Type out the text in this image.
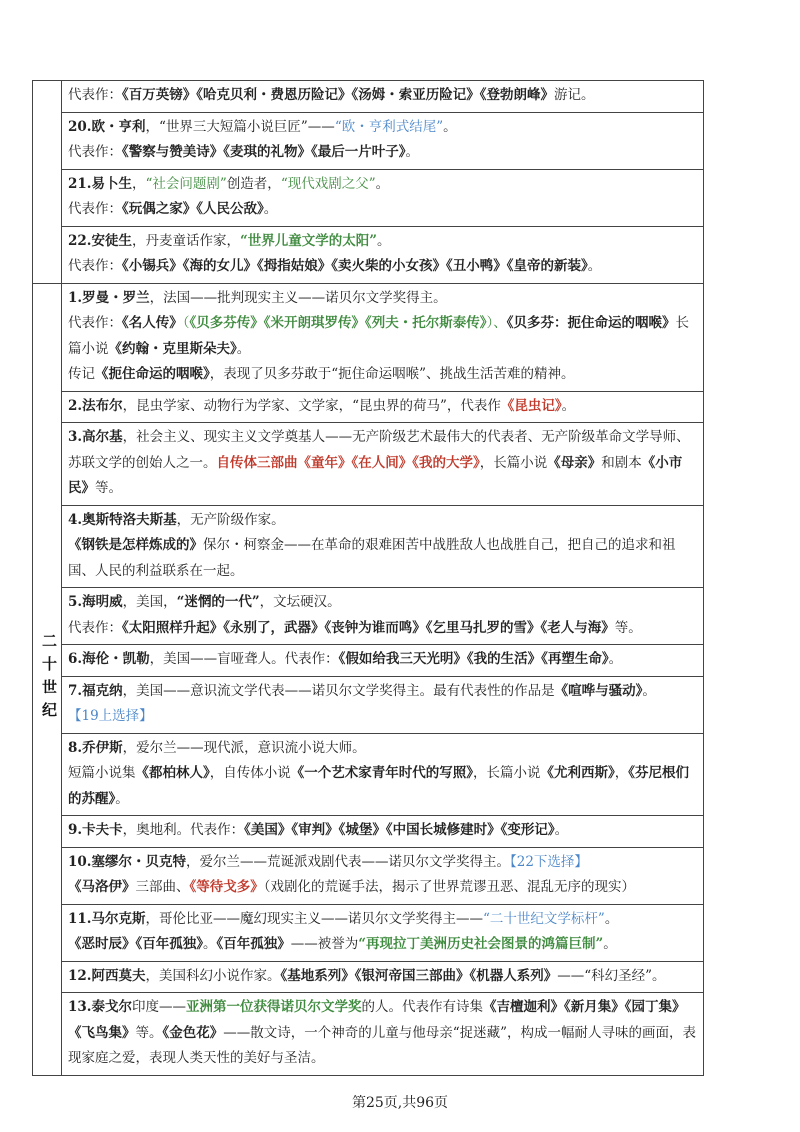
	代表作：《百万英镑》《哈克贝利・费恩历险记》《汤姆・索亚历险记》《登勃朗峰》游记。

	20.欧・亨利，“世界三大短篇小说巨匠”——“欧・亨利式结尾”。

代表作：《警察与赞美诗》《麦琪的礼物》《最后一片叶子》。

	21.易卜生，“社会问题剧”创造者，“现代戏剧之父”。

代表作：《玩偶之家》《人民公敌》。

	22.安徒生，丹麦童话作家，“世界儿童文学的太阳”。

代表作：《小锡兵》《海的女儿》《拇指姑娘》《卖火柴的小女孩》《丑小鸭》《皇帝的新装》。

二十世纪	1.罗曼・罗兰，法国——批判现实主义——诺贝尔文学奖得主。

代表作：《名人传》（《贝多芬传》《米开朗琪罗传》《列夫・托尔斯泰传》）、《贝多芬：扼住命运的咽喉》长篇小说《约翰・克里斯朵夫》。

传记《扼住命运的咽喉》，表现了贝多芬敢于“扼住命运咽喉”、挑战生活苦难的精神。

	2.法布尔，昆虫学家、动物行为学家、文学家，“昆虫界的荷马”，代表作《昆虫记》。

	3.高尔基，社会主义、现实主义文学奠基人——无产阶级艺术最伟大的代表者、无产阶级革命文学导师、苏联文学的创始人之一。自传体三部曲《童年》《在人间》《我的大学》，长篇小说《母亲》和剧本《小市民》等。

	4.奥斯特洛夫斯基，无产阶级作家。

《钢铁是怎样炼成的》保尔・柯察金——在革命的艰难困苦中战胜敌人也战胜自己，把自己的追求和祖国、人民的利益联系在一起。

	5.海明威，美国，“迷惘的一代”，文坛硬汉。

代表作：《太阳照样升起》《永别了，武器》《丧钟为谁而鸣》《乞里马扎罗的雪》《老人与海》等。

	6.海伦・凯勒，美国——盲哑聋人。代表作：《假如给我三天光明》《我的生活》《再塑生命》。

	7.福克纳，美国——意识流文学代表——诺贝尔文学奖得主。最有代表性的作品是《喧哗与骚动》。

【19上选择】

	8.乔伊斯，爱尔兰——现代派，意识流小说大师。

短篇小说集《都柏林人》，自传体小说《一个艺术家青年时代的写照》，长篇小说《尤利西斯》，《芬尼根们的苏醒》。

	9.卡夫卡，奥地利。代表作：《美国》《审判》《城堡》《中国长城修建时》《变形记》。

	10.塞缪尔・贝克特，爱尔兰——荒诞派戏剧代表——诺贝尔文学奖得主。【22下选择】

《马洛伊》三部曲、《等待戈多》（戏剧化的荒诞手法，揭示了世界荒谬丑恶、混乱无序的现实）

	11.马尔克斯，哥伦比亚——魔幻现实主义——诺贝尔文学奖得主——“二十世纪文学标杆”。

《恶时辰》《百年孤独》。《百年孤独》——被誉为“再现拉丁美洲历史社会图景的鸿篇巨制”。

	12.阿西莫夫，美国科幻小说作家。《基地系列》《银河帝国三部曲》《机器人系列》——“科幻圣经”。

	13.泰戈尔印度——亚洲第一位获得诺贝尔文学奖的人。代表作有诗集《吉檀迦利》《新月集》《园丁集》《飞鸟集》等。《金色花》——散文诗，一个神奇的儿童与他母亲“捉迷藏”，构成一幅耐人寻味的画面，表现家庭之爱，表现人类天性的美好与圣洁。

第25页,共96页
